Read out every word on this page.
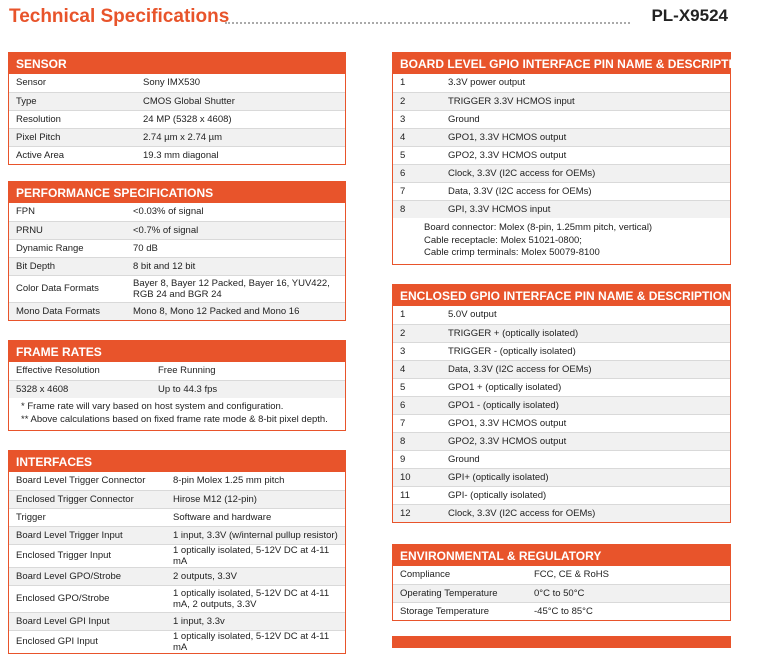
Technical Specifications	PL-X9524
SENSOR
Sensor	Sony IMX530
Type	CMOS Global Shutter
Resolution	24 MP (5328 x 4608)
Pixel Pitch	2.74 µm x 2.74 µm
Active Area	19.3 mm diagonal
PERFORMANCE SPECIFICATIONS
FPN	<0.03% of signal
PRNU	<0.7% of signal
Dynamic Range	70 dB
Bit Depth	8 bit and 12 bit
Color Data Formats	Bayer 8, Bayer 12 Packed, Bayer 16, YUV422, RGB 24 and BGR 24
Mono Data Formats	Mono 8, Mono 12 Packed and Mono 16
FRAME RATES
Effective Resolution	Free Running
5328 x 4608	Up to 44.3 fps
* Frame rate will vary based on host system and configuration.
** Above calculations based on fixed frame rate mode & 8-bit pixel depth.
INTERFACES
Board Level Trigger Connector	8-pin Molex 1.25 mm pitch
Enclosed Trigger Connector	Hirose M12 (12-pin)
Trigger	Software and hardware
Board Level Trigger Input	1 input, 3.3V (w/internal pullup resistor)
Enclosed Trigger Input	1 optically isolated, 5-12V DC at 4-11 mA
Board Level GPO/Strobe	2 outputs, 3.3V
Enclosed GPO/Strobe	1 optically isolated, 5-12V DC at 4-11 mA, 2 outputs, 3.3V
Board Level GPI Input	1 input, 3.3v
Enclosed GPI Input	1 optically isolated, 5-12V DC at 4-11 mA
BOARD LEVEL GPIO INTERFACE PIN NAME & DESCRIPTION
1	3.3V power output
2	TRIGGER 3.3V HCMOS input
3	Ground
4	GPO1, 3.3V HCMOS output
5	GPO2, 3.3V HCMOS output
6	Clock, 3.3V (I2C access for OEMs)
7	Data, 3.3V (I2C access for OEMs)
8	GPI, 3.3V HCMOS input
Board connector: Molex (8-pin, 1.25mm pitch, vertical)
Cable receptacle: Molex 51021-0800;
Cable crimp terminals: Molex 50079-8100
ENCLOSED GPIO INTERFACE PIN NAME & DESCRIPTION
1	5.0V output
2	TRIGGER + (optically isolated)
3	TRIGGER - (optically isolated)
4	Data, 3.3V (I2C access for OEMs)
5	GPO1 + (optically isolated)
6	GPO1 - (optically isolated)
7	GPO1, 3.3V HCMOS output
8	GPO2, 3.3V HCMOS output
9	Ground
10	GPI+ (optically isolated)
11	GPI- (optically isolated)
12	Clock, 3.3V (I2C access for OEMs)
ENVIRONMENTAL & REGULATORY
Compliance	FCC, CE & RoHS
Operating Temperature	0°C to 50°C
Storage Temperature	-45°C to 85°C
